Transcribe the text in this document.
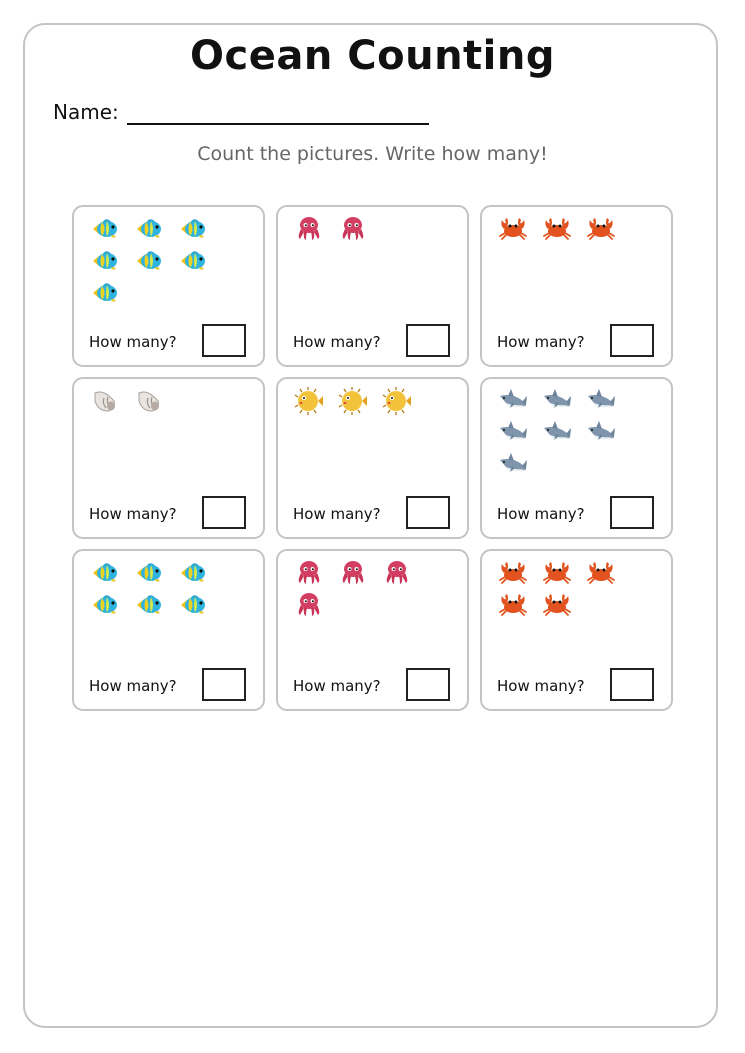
Ocean Counting
Name:
Count the pictures. Write how many!
How many?	How many?	How many?
How many?	How many?	How many?
How many?	How many?	How many?
